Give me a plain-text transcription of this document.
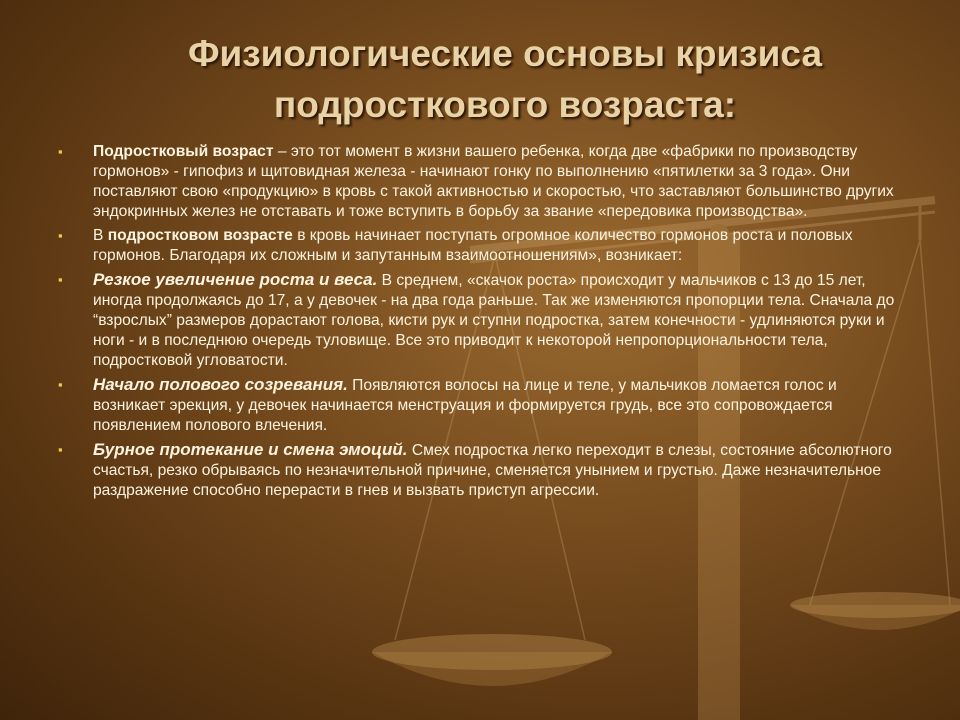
Физиологические основы кризиса подросткового возраста:
▪ Подростковый возраст – это тот момент в жизни вашего ребенка, когда две «фабрики по производству гормонов» - гипофиз и щитовидная железа - начинают гонку по выполнению «пятилетки за 3 года». Они поставляют свою «продукцию» в кровь с такой активностью и скоростью, что заставляют большинство других эндокринных желез не отставать и тоже вступить в борьбу за звание «передовика производства».
▪ В подростковом возрасте в кровь начинает поступать огромное количество гормонов роста и половых гормонов. Благодаря их сложным и запутанным взаимоотношениям», возникает:
▪ Резкое увеличение роста и веса. В среднем, «скачок роста» происходит у мальчиков с 13 до 15 лет, иногда продолжаясь до 17, а у девочек - на два года раньше. Так же изменяются пропорции тела. Сначала до “взрослых” размеров дорастают голова, кисти рук и ступни подростка, затем конечности - удлиняются руки и ноги - и в последнюю очередь туловище. Все это приводит к некоторой непропорциональности тела, подростковой угловатости.
▪ Начало полового созревания. Появляются волосы на лице и теле, у мальчиков ломается голос и возникает эрекция, у девочек начинается менструация и формируется грудь, все это сопровождается появлением полового влечения.
▪ Бурное протекание и смена эмоций. Смех подростка легко переходит в слезы, состояние абсолютного счастья, резко обрываясь по незначительной причине, сменяется унынием и грустью. Даже незначительное раздражение способно перерасти в гнев и вызвать приступ агрессии.
